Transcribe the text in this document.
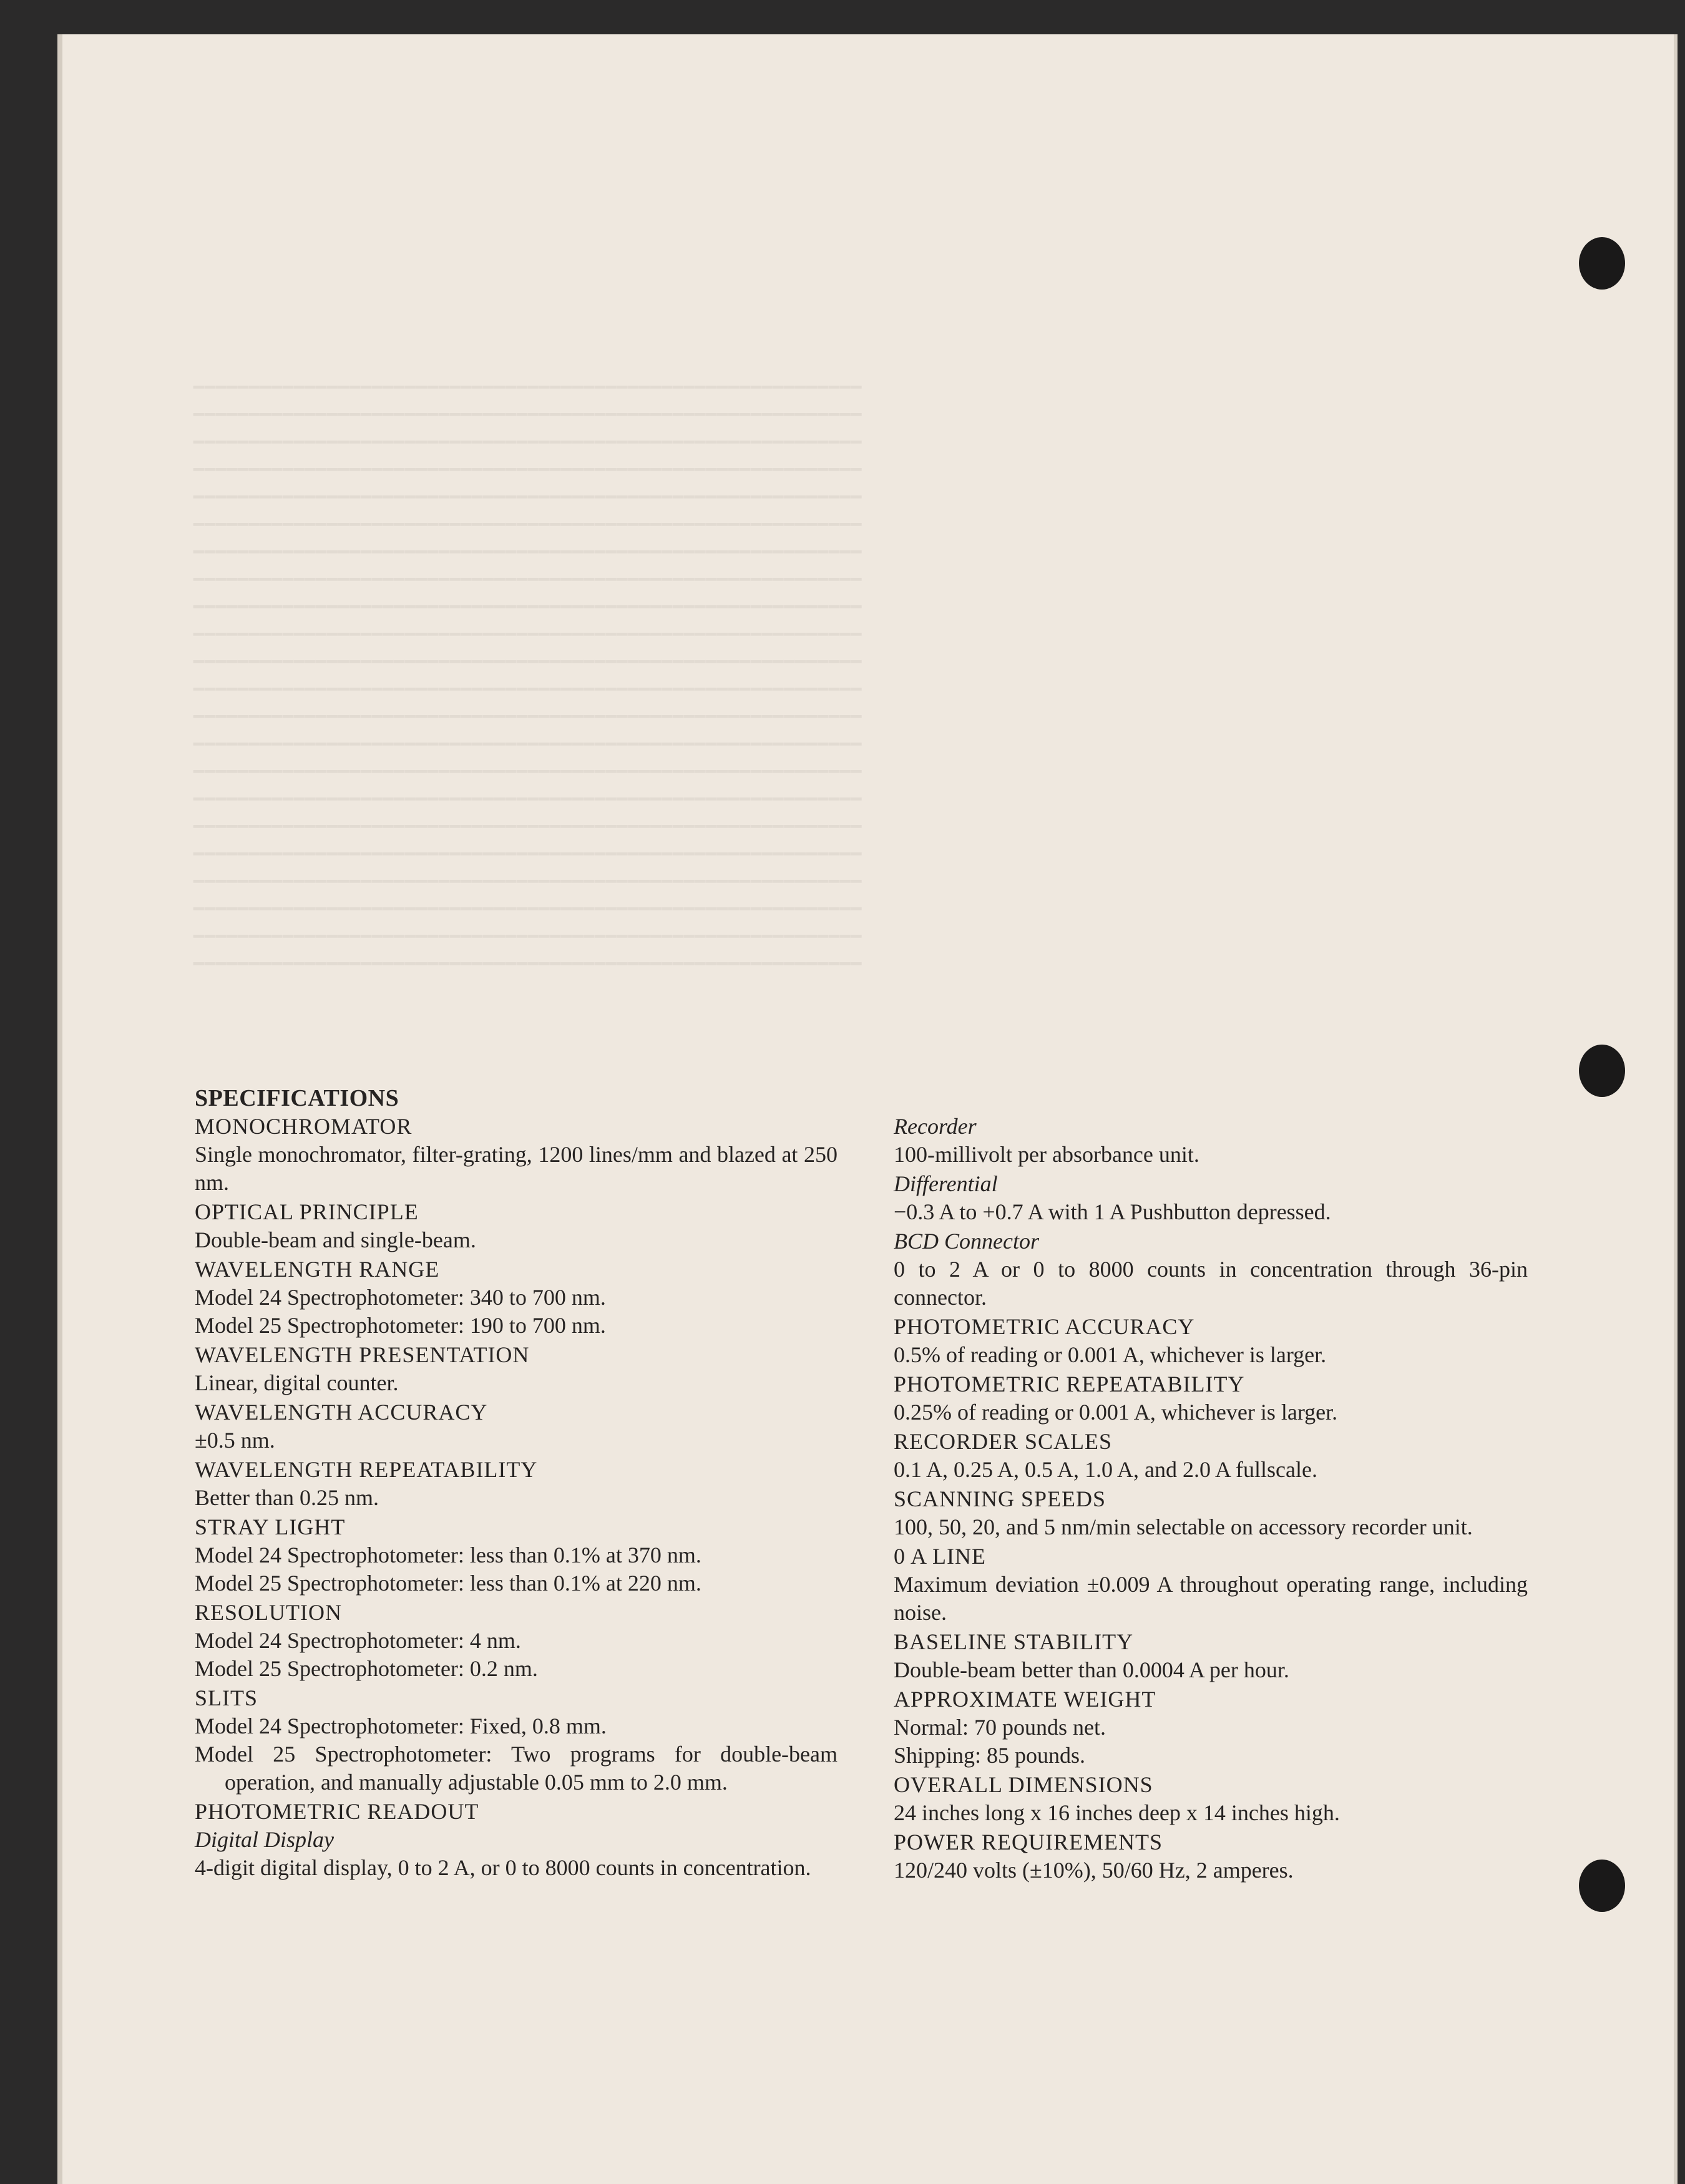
━━━━━━━━━━━━━━━━━━━━━━━━━━━━━━━━━━━━━━━━━━━━━━━━━━━━━━━━━━━━
━━━━━━━━━━━━━━━━━━━━━━━━━━━━━━━━━━━━━━━━━━━━━━━━━━━━━━━━━━━━
━━━━━━━━━━━━━━━━━━━━━━━━━━━━━━━━━━━━━━━━━━━━━━━━━━━━━━━━━━━━
━━━━━━━━━━━━━━━━━━━━━━━━━━━━━━━━━━━━━━━━━━━━━━━━━━━━━━━━━━━━
━━━━━━━━━━━━━━━━━━━━━━━━━━━━━━━━━━━━━━━━━━━━━━━━━━━━━━━━━━━━
━━━━━━━━━━━━━━━━━━━━━━━━━━━━━━━━━━━━━━━━━━━━━━━━━━━━━━━━━━━━
━━━━━━━━━━━━━━━━━━━━━━━━━━━━━━━━━━━━━━━━━━━━━━━━━━━━━━━━━━━━
━━━━━━━━━━━━━━━━━━━━━━━━━━━━━━━━━━━━━━━━━━━━━━━━━━━━━━━━━━━━
━━━━━━━━━━━━━━━━━━━━━━━━━━━━━━━━━━━━━━━━━━━━━━━━━━━━━━━━━━━━
━━━━━━━━━━━━━━━━━━━━━━━━━━━━━━━━━━━━━━━━━━━━━━━━━━━━━━━━━━━━
━━━━━━━━━━━━━━━━━━━━━━━━━━━━━━━━━━━━━━━━━━━━━━━━━━━━━━━━━━━━
━━━━━━━━━━━━━━━━━━━━━━━━━━━━━━━━━━━━━━━━━━━━━━━━━━━━━━━━━━━━
━━━━━━━━━━━━━━━━━━━━━━━━━━━━━━━━━━━━━━━━━━━━━━━━━━━━━━━━━━━━
━━━━━━━━━━━━━━━━━━━━━━━━━━━━━━━━━━━━━━━━━━━━━━━━━━━━━━━━━━━━
━━━━━━━━━━━━━━━━━━━━━━━━━━━━━━━━━━━━━━━━━━━━━━━━━━━━━━━━━━━━
━━━━━━━━━━━━━━━━━━━━━━━━━━━━━━━━━━━━━━━━━━━━━━━━━━━━━━━━━━━━
━━━━━━━━━━━━━━━━━━━━━━━━━━━━━━━━━━━━━━━━━━━━━━━━━━━━━━━━━━━━
━━━━━━━━━━━━━━━━━━━━━━━━━━━━━━━━━━━━━━━━━━━━━━━━━━━━━━━━━━━━
━━━━━━━━━━━━━━━━━━━━━━━━━━━━━━━━━━━━━━━━━━━━━━━━━━━━━━━━━━━━
━━━━━━━━━━━━━━━━━━━━━━━━━━━━━━━━━━━━━━━━━━━━━━━━━━━━━━━━━━━━
━━━━━━━━━━━━━━━━━━━━━━━━━━━━━━━━━━━━━━━━━━━━━━━━━━━━━━━━━━━━
━━━━━━━━━━━━━━━━━━━━━━━━━━━━━━━━━━━━━━━━━━━━━━━━━━━━━━━━━━━━
SPECIFICATIONS
MONOCHROMATOR
Single monochromator, filter-grating, 1200 lines/mm and blazed at 250 nm.
OPTICAL PRINCIPLE
Double-beam and single-beam.
WAVELENGTH RANGE
Model 24 Spectrophotometer: 340 to 700 nm.
Model 25 Spectrophotometer: 190 to 700 nm.
WAVELENGTH PRESENTATION
Linear, digital counter.
WAVELENGTH ACCURACY
±0.5 nm.
WAVELENGTH REPEATABILITY
Better than 0.25 nm.
STRAY LIGHT
Model 24 Spectrophotometer: less than 0.1% at 370 nm.
Model 25 Spectrophotometer: less than 0.1% at 220 nm.
RESOLUTION
Model 24 Spectrophotometer: 4 nm.
Model 25 Spectrophotometer: 0.2 nm.
SLITS
Model 24 Spectrophotometer: Fixed, 0.8 mm.
Model 25 Spectrophotometer: Two programs for double-beam operation, and manually adjustable 0.05 mm to 2.0 mm.
PHOTOMETRIC READOUT
Digital Display
4-digit digital display, 0 to 2 A, or 0 to 8000 counts in concentration.
Recorder
100-millivolt per absorbance unit.
Differential
−0.3 A to +0.7 A with 1 A Pushbutton depressed.
BCD Connector
0 to 2 A or 0 to 8000 counts in concentration through 36-pin connector.
PHOTOMETRIC ACCURACY
0.5% of reading or 0.001 A, whichever is larger.
PHOTOMETRIC REPEATABILITY
0.25% of reading or 0.001 A, whichever is larger.
RECORDER SCALES
0.1 A, 0.25 A, 0.5 A, 1.0 A, and 2.0 A fullscale.
SCANNING SPEEDS
100, 50, 20, and 5 nm/min selectable on accessory recorder unit.
0 A LINE
Maximum deviation ±0.009 A throughout operating range, including noise.
BASELINE STABILITY
Double-beam better than 0.0004 A per hour.
APPROXIMATE WEIGHT
Normal: 70 pounds net.
Shipping: 85 pounds.
OVERALL DIMENSIONS
24 inches long x 16 inches deep x 14 inches high.
POWER REQUIREMENTS
120/240 volts (±10%), 50/60 Hz, 2 amperes.
